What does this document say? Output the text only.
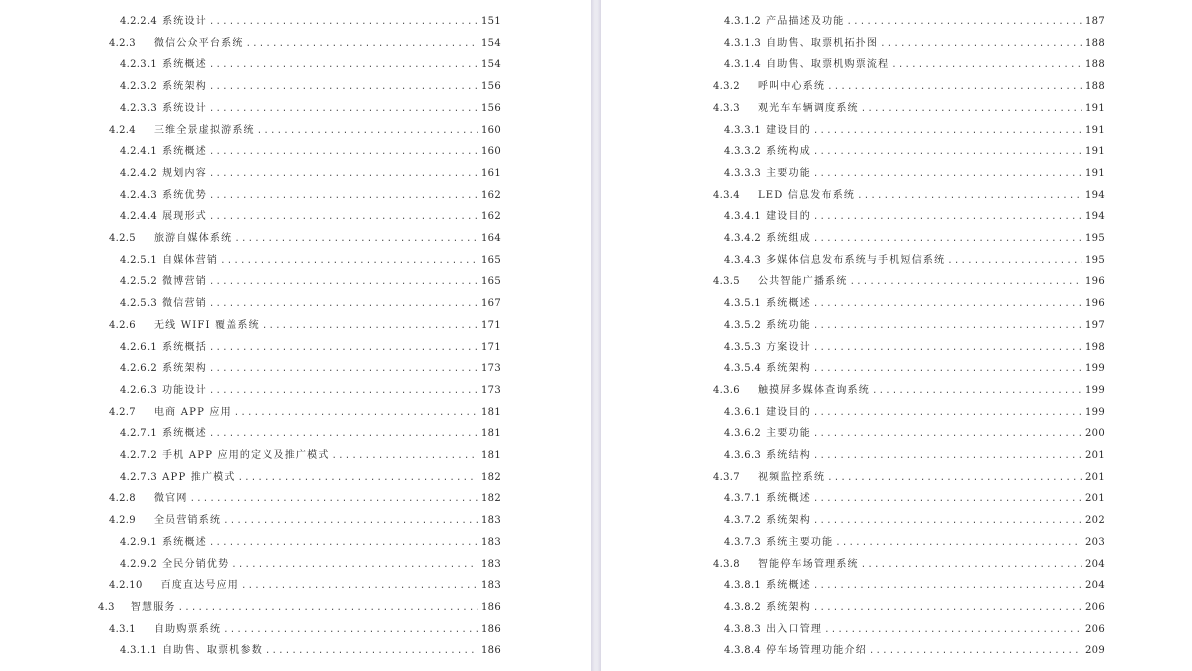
4.2.2.4 系统设计 .....	151
4.2.3 微信公众平台系统 .....	154
4.2.3.1 系统概述 .....	154
4.2.3.2 系统架构 .....	156
4.2.3.3 系统设计 .....	156
4.2.4 三维全景虚拟游系统 .....	160
4.2.4.1 系统概述 .....	160
4.2.4.2 规划内容 .....	161
4.2.4.3 系统优势 .....	162
4.2.4.4 展现形式 .....	162
4.2.5 旅游自媒体系统 .....	164
4.2.5.1 自媒体营销 .....	165
4.2.5.2 微博营销 .....	165
4.2.5.3 微信营销 .....	167
4.2.6 无线 WIFI 覆盖系统 .....	171
4.2.6.1 系统概括 .....	171
4.2.6.2 系统架构 .....	173
4.2.6.3 功能设计 .....	173
4.2.7 电商 APP 应用 .....	181
4.2.7.1 系统概述 .....	181
4.2.7.2 手机 APP 应用的定义及推广模式 .....	181
4.2.7.3 APP 推广模式 .....	182
4.2.8 微官网 .....	182
4.2.9 全员营销系统 .....	183
4.2.9.1 系统概述 .....	183
4.2.9.2 全民分销优势 .....	183
4.2.10 百度直达号应用 .....	183
4.3 智慧服务 .....	186
4.3.1 自助购票系统 .....	186
4.3.1.1 自助售、取票机参数 .....	186
4.3.1.2 产品描述及功能 .....	187
4.3.1.3 自助售、取票机拓扑图 .....	188
4.3.1.4 自助售、取票机购票流程 .....	188
4.3.2 呼叫中心系统 .....	188
4.3.3 观光车车辆调度系统 .....	191
4.3.3.1 建设目的 .....	191
4.3.3.2 系统构成 .....	191
4.3.3.3 主要功能 .....	191
4.3.4 LED 信息发布系统 .....	194
4.3.4.1 建设目的 .....	194
4.3.4.2 系统组成 .....	195
4.3.4.3 多媒体信息发布系统与手机短信系统 .....	195
4.3.5 公共智能广播系统 .....	196
4.3.5.1 系统概述 .....	196
4.3.5.2 系统功能 .....	197
4.3.5.3 方案设计 .....	198
4.3.5.4 系统架构 .....	199
4.3.6 触摸屏多媒体查询系统 .....	199
4.3.6.1 建设目的 .....	199
4.3.6.2 主要功能 .....	200
4.3.6.3 系统结构 .....	201
4.3.7 视频监控系统 .....	201
4.3.7.1 系统概述 .....	201
4.3.7.2 系统架构 .....	202
4.3.7.3 系统主要功能 .....	203
4.3.8 智能停车场管理系统 .....	204
4.3.8.1 系统概述 .....	204
4.3.8.2 系统架构 .....	206
4.3.8.3 出入口管理 .....	206
4.3.8.4 停车场管理功能介绍 .....	209
